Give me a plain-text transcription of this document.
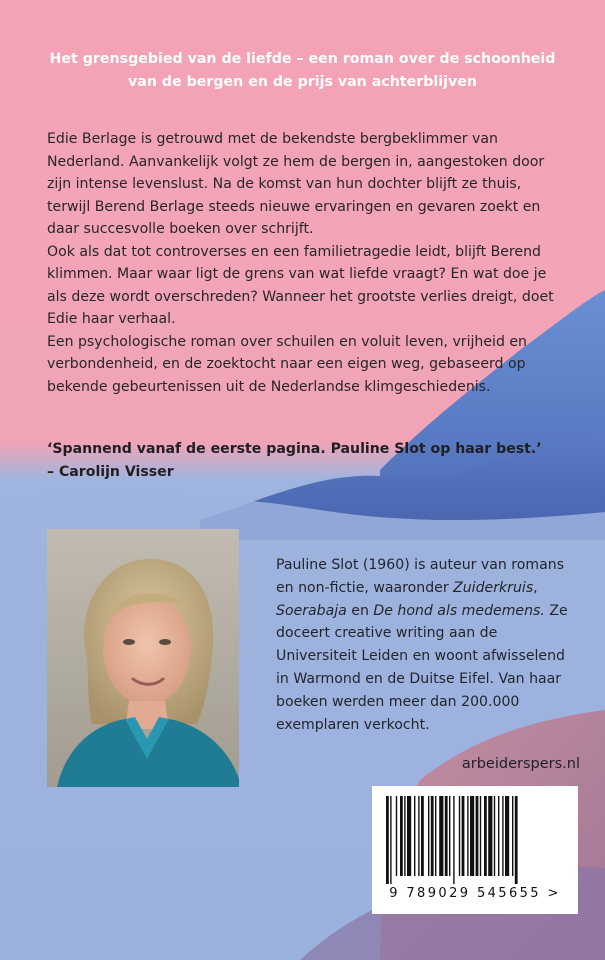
Het grensgebied van de liefde – een roman over de schoonheid
van de bergen en de prijs van achterblijven

Edie Berlage is getrouwd met de bekendste bergbeklimmer van Nederland. Aanvankelijk volgt ze hem de bergen in, aangestoken door zijn intense levenslust. Na de komst van hun dochter blijft ze thuis, terwijl Berend Berlage steeds nieuwe ervaringen en gevaren zoekt en daar succesvolle boeken over schrijft.

Ook als dat tot controverses en een familietragedie leidt, blijft Berend klimmen. Maar waar ligt de grens van wat liefde vraagt? En wat doe je als deze wordt overschreden? Wanneer het grootste verlies dreigt, doet Edie haar verhaal.

Een psychologische roman over schuilen en voluit leven, vrijheid en verbondenheid, en de zoektocht naar een eigen weg, gebaseerd op bekende gebeurtenissen uit de Nederlandse klimgeschiedenis.

‘Spannend vanaf de eerste pagina. Pauline Slot op haar best.’

– Carolijn Visser

Pauline Slot (1960) is auteur van romans en non-fictie, waaronder Zuiderkruis, Soerabaja en De hond als medemens. Ze doceert creative writing aan de Universiteit Leiden en woont afwisselend in Warmond en de Duitse Eifel. Van haar boeken werden meer dan 200.000 exemplaren verkocht.
arbeiderspers.nl
9 789029 545655 >
